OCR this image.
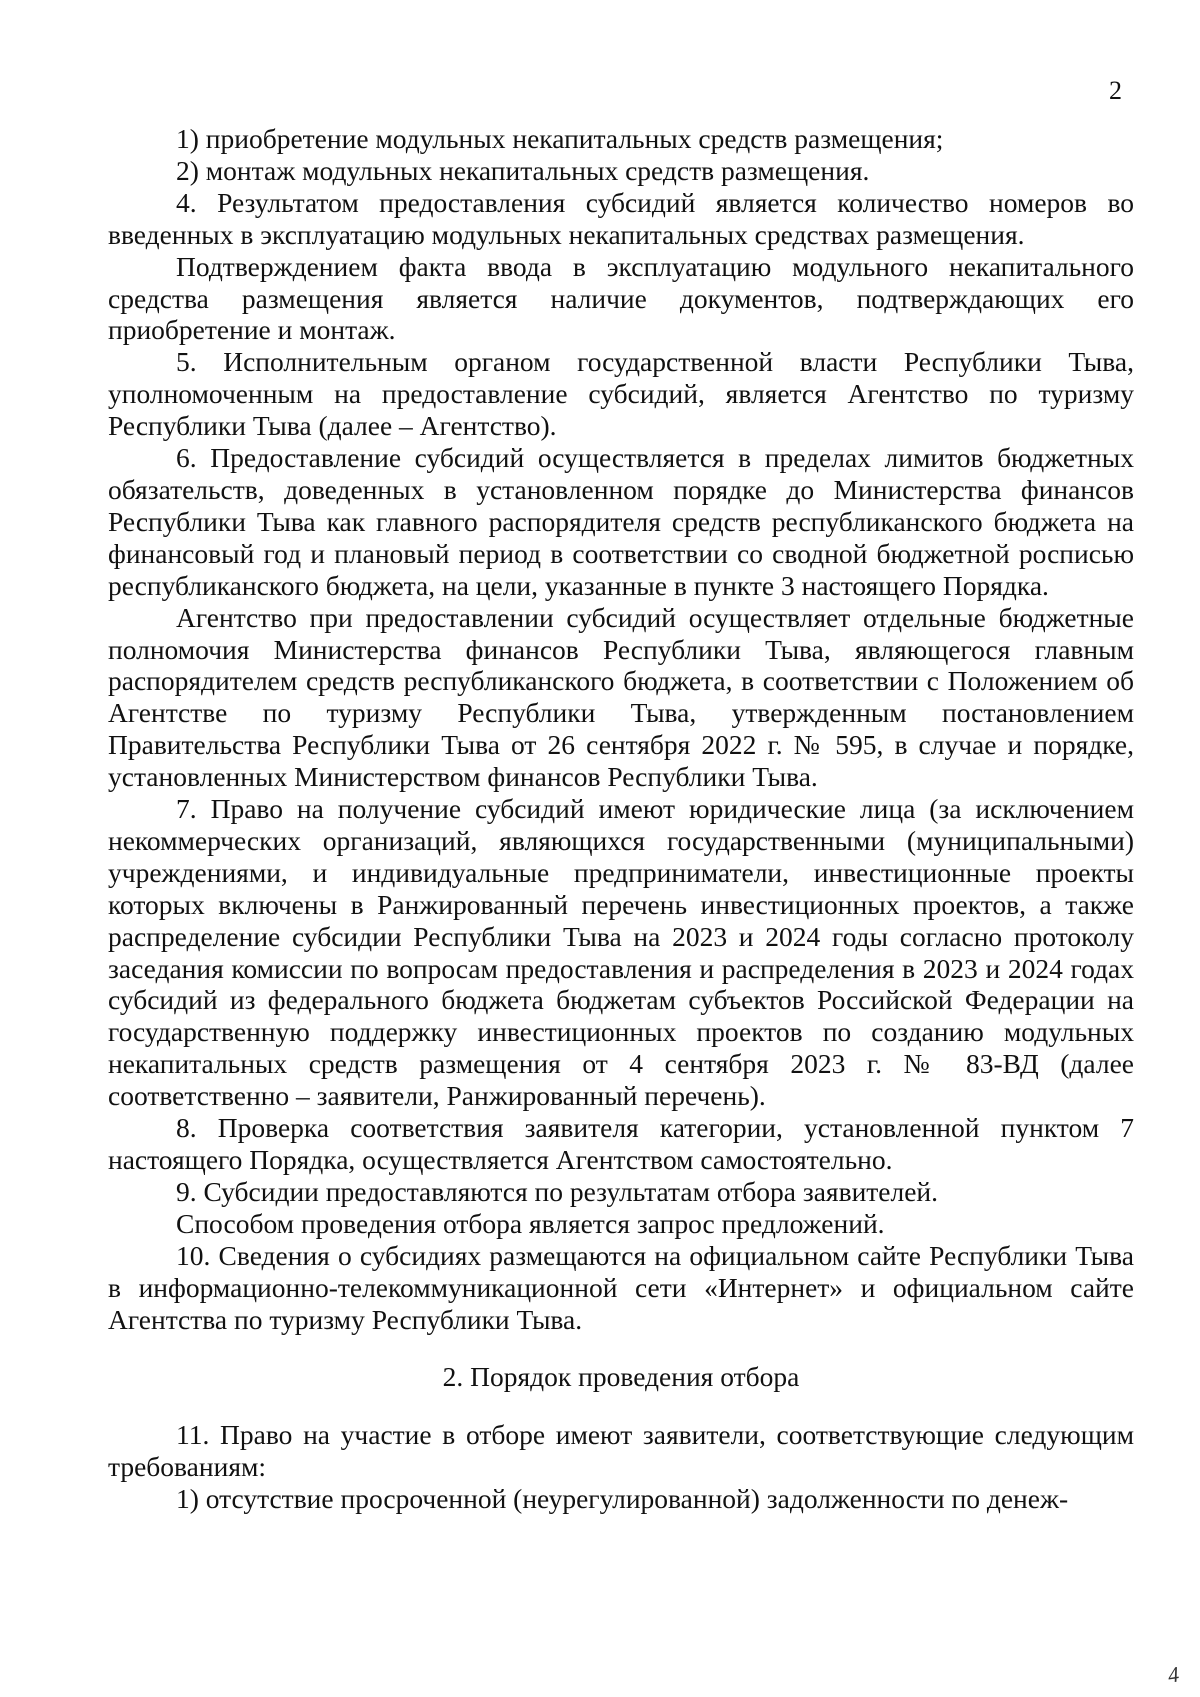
2

1) приобретение модульных некапитальных средств размещения;

2) монтаж модульных некапитальных средств размещения.

4. Результатом предоставления субсидий является количество номеров во введенных в эксплуатацию модульных некапитальных средствах размещения.

Подтверждением факта ввода в эксплуатацию модульного некапитального средства размещения является наличие документов, подтверждающих его приобретение и монтаж.

5. Исполнительным органом государственной власти Республики Тыва, уполномоченным на предоставление субсидий, является Агентство по туризму Республики Тыва (далее – Агентство).

6. Предоставление субсидий осуществляется в пределах лимитов бюджетных обязательств, доведенных в установленном порядке до Министерства финансов Республики Тыва как главного распорядителя средств республиканского бюджета на финансовый год и плановый период в соответствии со сводной бюджетной росписью республиканского бюджета, на цели, указанные в пункте 3 настоящего Порядка.

Агентство при предоставлении субсидий осуществляет отдельные бюджетные полномочия Министерства финансов Республики Тыва, являющегося главным распорядителем средств республиканского бюджета, в соответствии с Положением об Агентстве по туризму Республики Тыва, утвержденным постановлением Правительства Республики Тыва от 26 сентября 2022 г. № 595, в случае и порядке, установленных Министерством финансов Республики Тыва.

7. Право на получение субсидий имеют юридические лица (за исключением некоммерческих организаций, являющихся государственными (муниципальными) учреждениями, и индивидуальные предприниматели, инвестиционные проекты которых включены в Ранжированный перечень инвестиционных проектов, а также распределение субсидии Республики Тыва на 2023 и 2024 годы согласно протоколу заседания комиссии по вопросам предоставления и распределения в 2023 и 2024 годах субсидий из федерального бюджета бюджетам субъектов Российской Федерации на государственную поддержку инвестиционных проектов по созданию модульных некапитальных средств размещения от 4 сентября 2023 г. № 83-ВД (далее соответственно – заявители, Ранжированный перечень).

8. Проверка соответствия заявителя категории, установленной пунктом 7 настоящего Порядка, осуществляется Агентством самостоятельно.

9. Субсидии предоставляются по результатам отбора заявителей.

Способом проведения отбора является запрос предложений.

10. Сведения о субсидиях размещаются на официальном сайте Республики Тыва в информационно-телекоммуникационной сети «Интернет» и официальном сайте Агентства по туризму Республики Тыва.

2. Порядок проведения отбора

11. Право на участие в отборе имеют заявители, соответствующие следующим требованиям:

1) отсутствие просроченной (неурегулированной) задолженности по денеж-

4
